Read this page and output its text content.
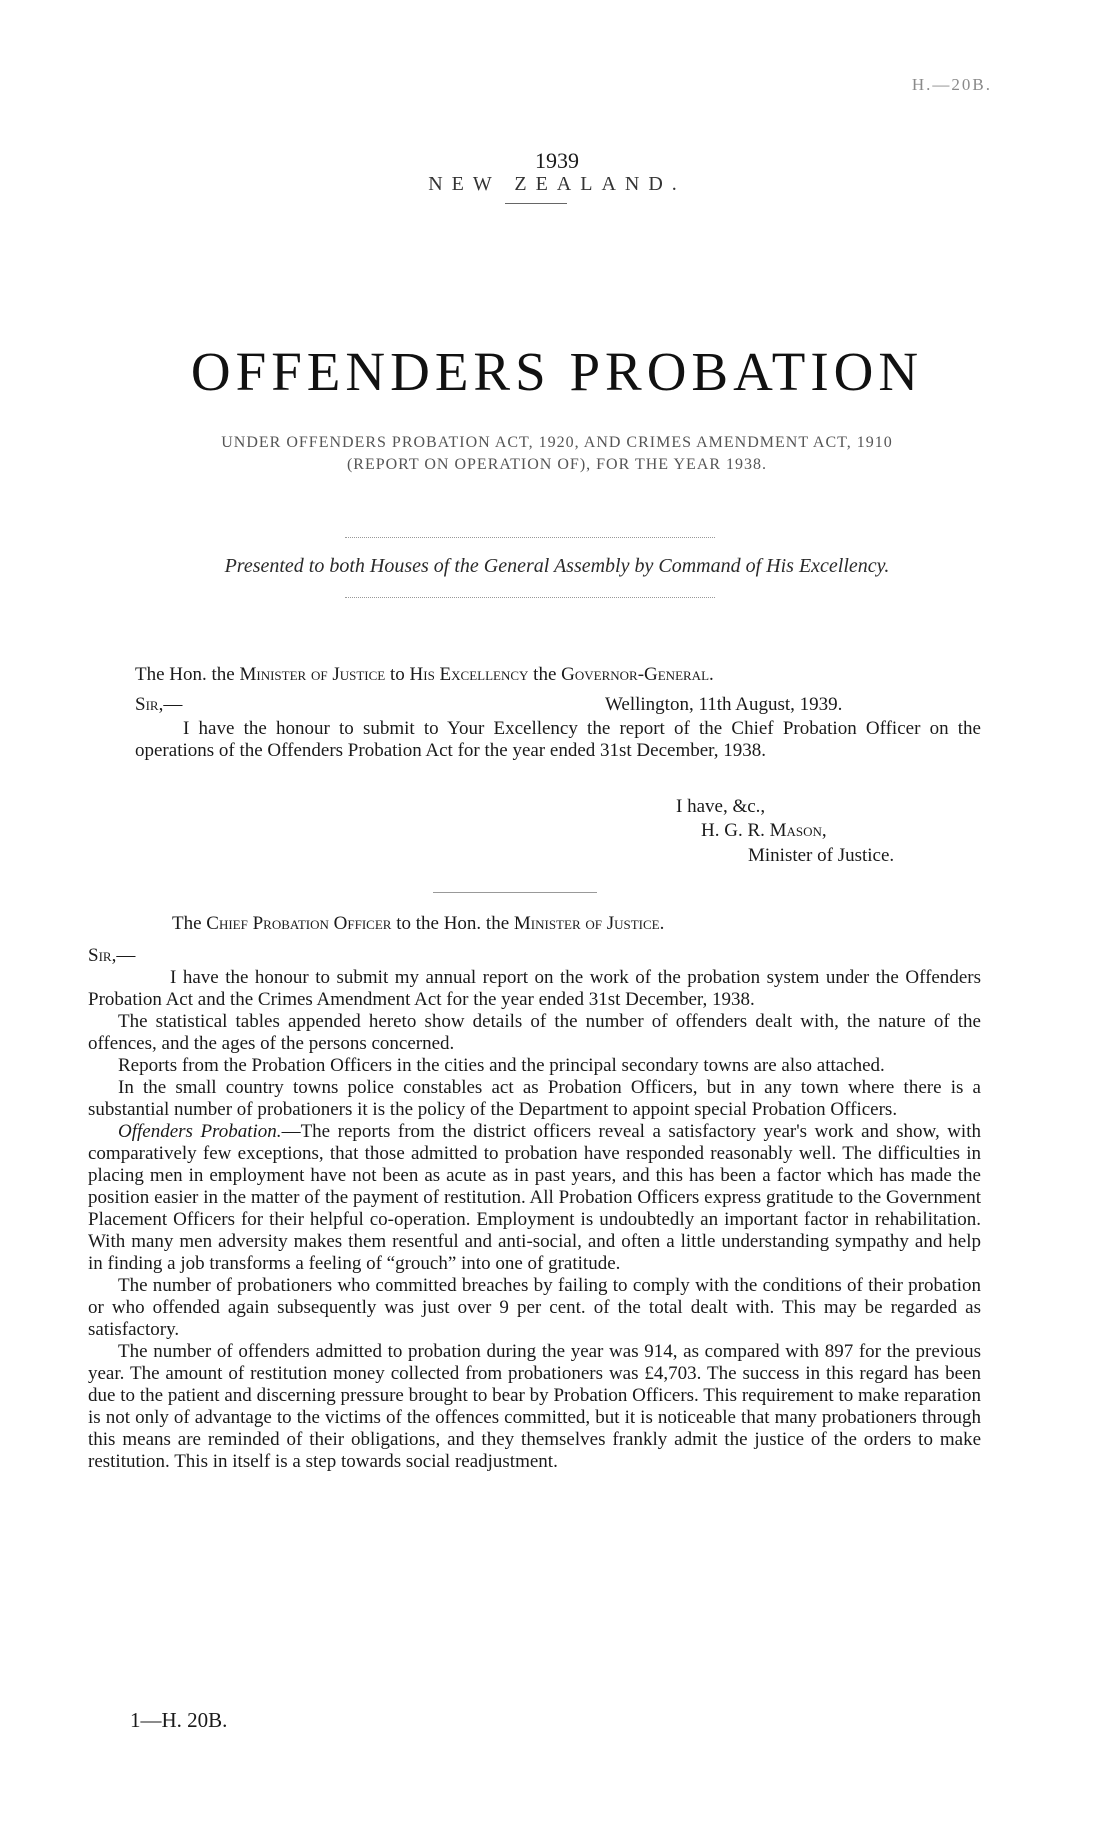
H.—20B.
1939
NEW ZEALAND.
OFFENDERS PROBATION
UNDER OFFENDERS PROBATION ACT, 1920, AND CRIMES AMENDMENT ACT, 1910
(REPORT ON OPERATION OF), FOR THE YEAR 1938.
Presented to both Houses of the General Assembly by Command of His Excellency.
The Hon. the Minister of Justice to His Excellency the Governor-General.
Sir,—	Wellington, 11th August, 1939.
I have the honour to submit to Your Excellency the report of the Chief Probation Officer on the operations of the Offenders Probation Act for the year ended 31st December, 1938.
I have, &c.,
H. G. R. Mason,
Minister of Justice.
The Chief Probation Officer to the Hon. the Minister of Justice.
Sir,—
I have the honour to submit my annual report on the work of the probation system under the Offenders Probation Act and the Crimes Amendment Act for the year ended 31st December, 1938.
The statistical tables appended hereto show details of the number of offenders dealt with, the nature of the offences, and the ages of the persons concerned.
Reports from the Probation Officers in the cities and the principal secondary towns are also attached.
In the small country towns police constables act as Probation Officers, but in any town where there is a substantial number of probationers it is the policy of the Department to appoint special Probation Officers.
Offenders Probation.—The reports from the district officers reveal a satisfactory year's work and show, with comparatively few exceptions, that those admitted to probation have responded reasonably well. The difficulties in placing men in employment have not been as acute as in past years, and this has been a factor which has made the position easier in the matter of the payment of restitution. All Probation Officers express gratitude to the Government Placement Officers for their helpful co-operation. Employment is undoubtedly an important factor in rehabilitation. With many men adversity makes them resentful and anti-social, and often a little understanding sympathy and help in finding a job transforms a feeling of “grouch” into one of gratitude.
The number of probationers who committed breaches by failing to comply with the conditions of their probation or who offended again subsequently was just over 9 per cent. of the total dealt with. This may be regarded as satisfactory.
The number of offenders admitted to probation during the year was 914, as compared with 897 for the previous year. The amount of restitution money collected from probationers was £4,703. The success in this regard has been due to the patient and discerning pressure brought to bear by Probation Officers. This requirement to make reparation is not only of advantage to the victims of the offences committed, but it is noticeable that many probationers through this means are reminded of their obligations, and they themselves frankly admit the justice of the orders to make restitution. This in itself is a step towards social readjustment.
1—H. 20B.
